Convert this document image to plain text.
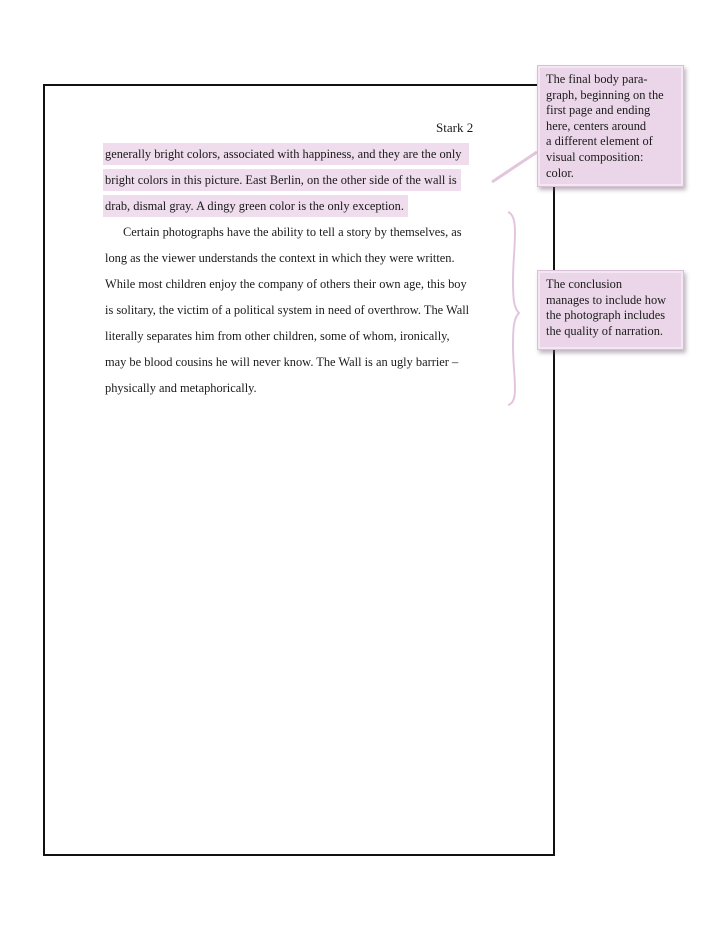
Stark 2
generally bright colors, associated with happiness, and they are the only
bright colors in this picture. East Berlin, on the other side of the wall is
drab, dismal gray. A dingy green color is the only exception.
Certain photographs have the ability to tell a story by themselves, as
long as the viewer understands the context in which they were written.
While most children enjoy the company of others their own age, this boy
is solitary, the victim of a political system in need of overthrow. The Wall
literally separates him from other children, some of whom, ironically,
may be blood cousins he will never know. The Wall is an ugly barrier –
physically and metaphorically.
The final body para-
graph, beginning on the
first page and ending
here, centers around
a different element of
visual composition:
color.
The conclusion
manages to include how
the photograph includes
the quality of narration.
